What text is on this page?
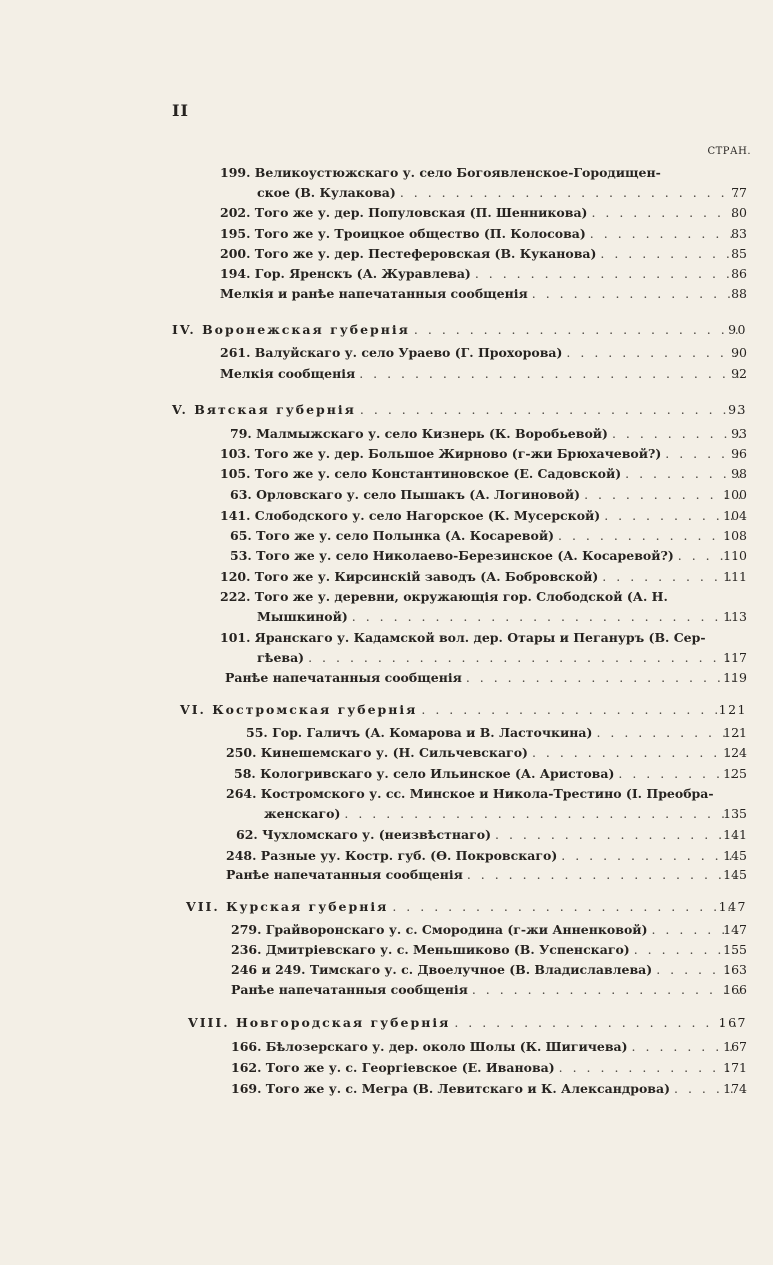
II
СТРАН.
199. Великоустюжскаго у. село Богоявленское-Городищен-
ское (В. Кулакова) . . .	77
202. Того же у. дер. Популовская (П. Шенникова) . . .	80
195. Того же у. Троицкое общество (П. Колосова) . . .	83
200. Того же у. дер. Пестеферовская (В. Куканова) . . .	85
194. Гор. Яренскъ (А. Журавлева) . . .	86
Мелкія и ранѣе напечатанныя сообщенія . . .	88
IV. Воронежская губернія . . .	90
261. Валуйскаго у. село Ураево (Г. Прохорова) . . .	90
Мелкія сообщенія . . .	92
V. Вятская губернія . . .	93
79. Малмыжскаго у. село Кизнерь (К. Воробьевой) . . .	93
103. Того же у. дер. Большое Жирново (г-жи Брюхачевой?) . . .	96
105. Того же у. село Константиновское (Е. Садовской) . . .	98
63. Орловскаго у. село Пышакъ (А. Логиновой) . . .	100
141. Слободского у. село Нагорское (К. Мусерской) . . .	104
65. Того же у. село Полынка (А. Косаревой) . . .	108
53. Того же у. село Николаево-Березинское (А. Косаревой?) . . .	110
120. Того же у. Кирсинскій заводъ (А. Бобровской) . . .	111
222. Того же у. деревни, окружающія гор. Слободской (А. Н.
Мышкиной) . . .	113
101. Яранскаго у. Кадамской вол. дер. Отары и Пегануръ (В. Сер-
гѣева) . . .	117
Ранѣе напечатанныя сообщенія . . .	119
VI. Костромская губернія . . .	121
55. Гор. Галичъ (А. Комарова и В. Ласточкина) . . .	121
250. Кинешемскаго у. (Н. Сильчевскаго) . . .	124
58. Кологривскаго у. село Ильинское (А. Аристова) . . .	125
264. Костромского у. сс. Минское и Никола-Трестино (І. Преобра-
женскаго) . . .	135
62. Чухломскаго у. (неизвѣстнаго) . . .	141
248. Разные уу. Костр. губ. (Ѳ. Покровскаго) . . .	145
Ранѣе напечатанныя сообщенія . . .	145
VII. Курская губернія . . .	147
279. Грайворонскаго у. с. Смородина (г-жи Анненковой) . . .	147
236. Дмитріевскаго у. с. Меньшиково (В. Успенскаго) . . .	155
246 и 249. Тимскаго у. с. Двоелучное (В. Владиславлева) . . .	163
Ранѣе напечатанныя сообщенія . . .	166
VIII. Новгородская губернія . . .	167
166. Бѣлозерскаго у. дер. около Шолы (К. Шигичева) . . .	167
162. Того же у. с. Георгіевское (Е. Иванова) . . .	171
169. Того же у. с. Мегра (В. Левитскаго и К. Александрова) . . .	174
